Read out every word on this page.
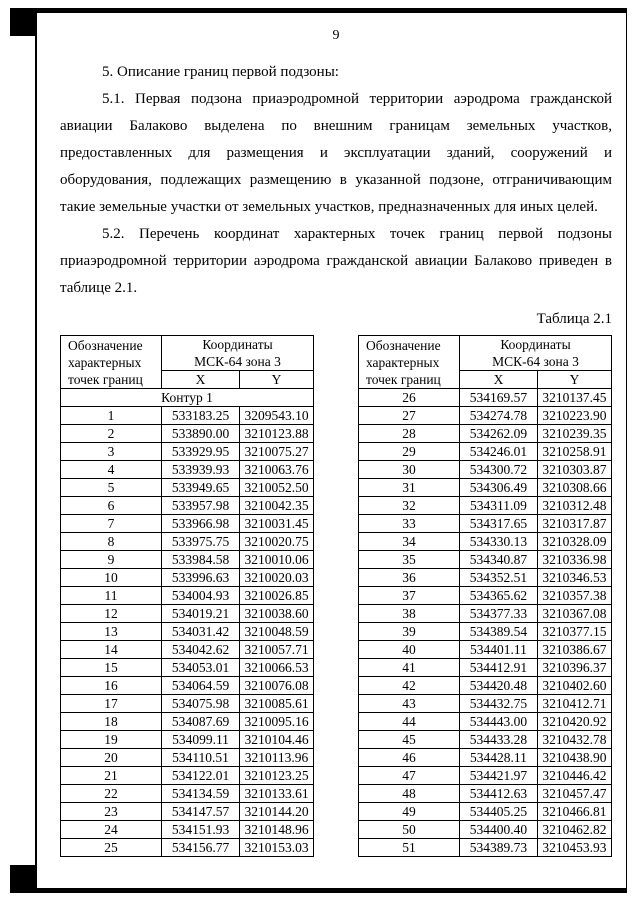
9

5. Описание границ первой подзоны:

5.1. Первая подзона приаэродромной территории аэродрома гражданской авиации Балаково выделена по внешним границам земельных участков, предоставленных для размещения и эксплуатации зданий, сооружений и оборудования, подлежащих размещению в указанной подзоне, отграничивающим такие земельные участки от земельных участков, предназначенных для иных целей.

5.2. Перечень координат характерных точек границ первой подзоны приаэродромной территории аэродрома гражданской авиации Балаково приведен в таблице 2.1.

Таблица 2.1
Обозначение характерных точек границ	Координаты
МСК-64 зона 3	

	X	Y
Контур 1		
1	533183.25	3209543.10
2	533890.00	3210123.88
3	533929.95	3210075.27
4	533939.93	3210063.76
5	533949.65	3210052.50
6	533957.98	3210042.35
7	533966.98	3210031.45
8	533975.75	3210020.75
9	533984.58	3210010.06
10	533996.63	3210020.03
11	534004.93	3210026.85
12	534019.21	3210038.60
13	534031.42	3210048.59
14	534042.62	3210057.71
15	534053.01	3210066.53
16	534064.59	3210076.08
17	534075.98	3210085.61
18	534087.69	3210095.16
19	534099.11	3210104.46
20	534110.51	3210113.96
21	534122.01	3210123.25
22	534134.59	3210133.61
23	534147.57	3210144.20
24	534151.93	3210148.96
25	534156.77	3210153.03
Обозначение характерных точек границ	Координаты
МСК-64 зона 3	

	X	Y
26	534169.57	3210137.45
27	534274.78	3210223.90
28	534262.09	3210239.35
29	534246.01	3210258.91
30	534300.72	3210303.87
31	534306.49	3210308.66
32	534311.09	3210312.48
33	534317.65	3210317.87
34	534330.13	3210328.09
35	534340.87	3210336.98
36	534352.51	3210346.53
37	534365.62	3210357.38
38	534377.33	3210367.08
39	534389.54	3210377.15
40	534401.11	3210386.67
41	534412.91	3210396.37
42	534420.48	3210402.60
43	534432.75	3210412.71
44	534443.00	3210420.92
45	534433.28	3210432.78
46	534428.11	3210438.90
47	534421.97	3210446.42
48	534412.63	3210457.47
49	534405.25	3210466.81
50	534400.40	3210462.82
51	534389.73	3210453.93
